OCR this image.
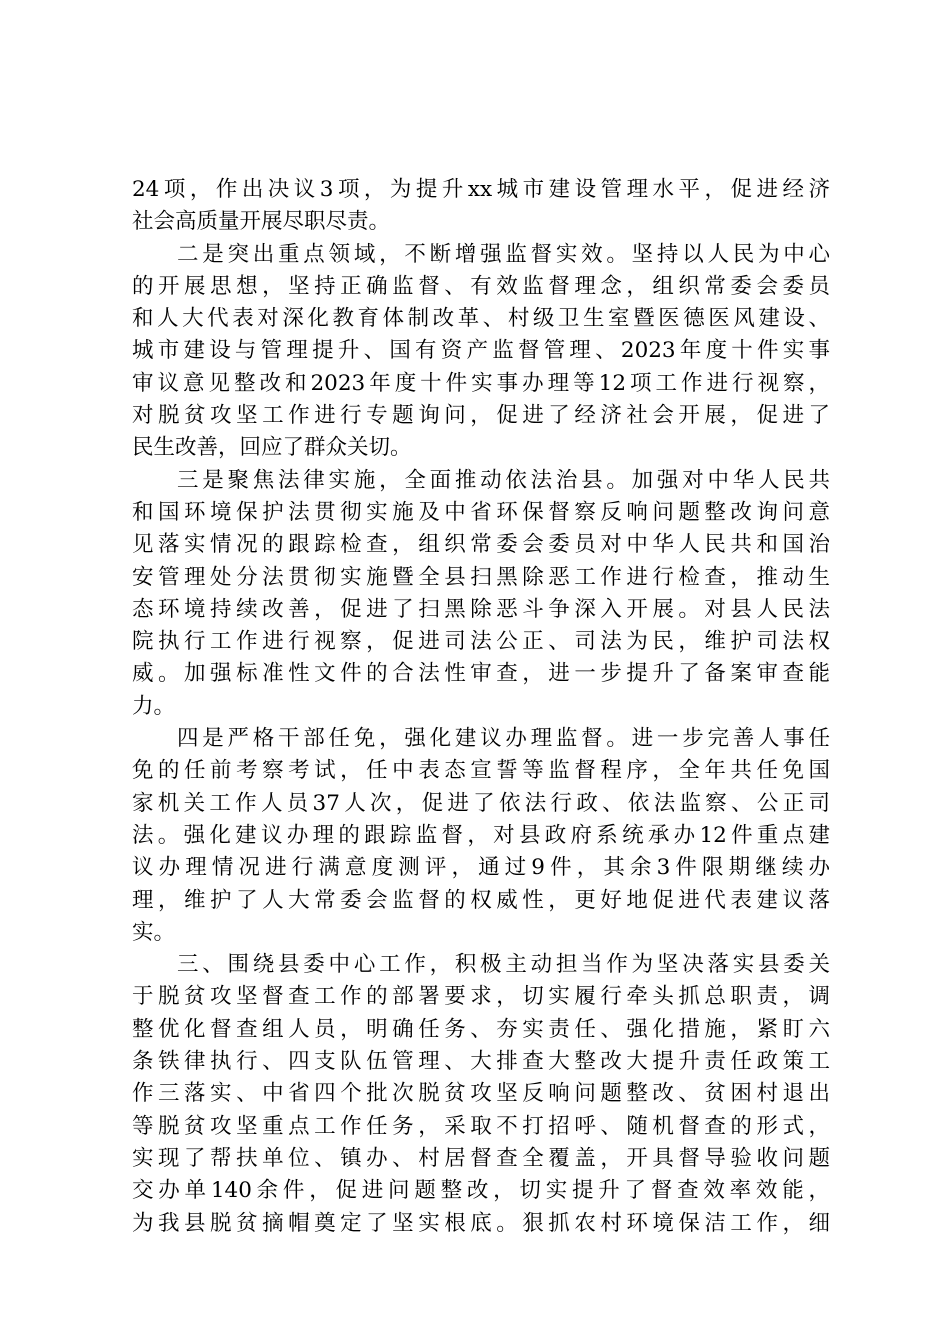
24项，作出决议3项，为提升xx城市建设管理水平，促进经济
社会高质量开展尽职尽责。
二是突出重点领域，不断增强监督实效。坚持以人民为中心
的开展思想，坚持正确监督、有效监督理念，组织常委会委员
和人大代表对深化教育体制改革、村级卫生室暨医德医风建设、
城市建设与管理提升、国有资产监督管理、2023年度十件实事
审议意见整改和2023年度十件实事办理等12项工作进行视察，
对脱贫攻坚工作进行专题询问，促进了经济社会开展，促进了
民生改善，回应了群众关切。
三是聚焦法律实施，全面推动依法治县。加强对中华人民共
和国环境保护法贯彻实施及中省环保督察反响问题整改询问意
见落实情况的跟踪检查，组织常委会委员对中华人民共和国治
安管理处分法贯彻实施暨全县扫黑除恶工作进行检查，推动生
态环境持续改善，促进了扫黑除恶斗争深入开展。对县人民法
院执行工作进行视察，促进司法公正、司法为民，维护司法权
威。加强标准性文件的合法性审查，进一步提升了备案审查能
力。
四是严格干部任免，强化建议办理监督。进一步完善人事任
免的任前考察考试，任中表态宣誓等监督程序，全年共任免国
家机关工作人员37人次，促进了依法行政、依法监察、公正司
法。强化建议办理的跟踪监督，对县政府系统承办12件重点建
议办理情况进行满意度测评，通过9件，其余3件限期继续办
理，维护了人大常委会监督的权威性，更好地促进代表建议落
实。
三、围绕县委中心工作，积极主动担当作为坚决落实县委关
于脱贫攻坚督查工作的部署要求，切实履行牵头抓总职责，调
整优化督查组人员，明确任务、夯实责任、强化措施，紧盯六
条铁律执行、四支队伍管理、大排查大整改大提升责任政策工
作三落实、中省四个批次脱贫攻坚反响问题整改、贫困村退出
等脱贫攻坚重点工作任务，采取不打招呼、随机督查的形式，
实现了帮扶单位、镇办、村居督查全覆盖，开具督导验收问题
交办单140余件，促进问题整改，切实提升了督查效率效能，
为我县脱贫摘帽奠定了坚实根底。狠抓农村环境保洁工作，细
